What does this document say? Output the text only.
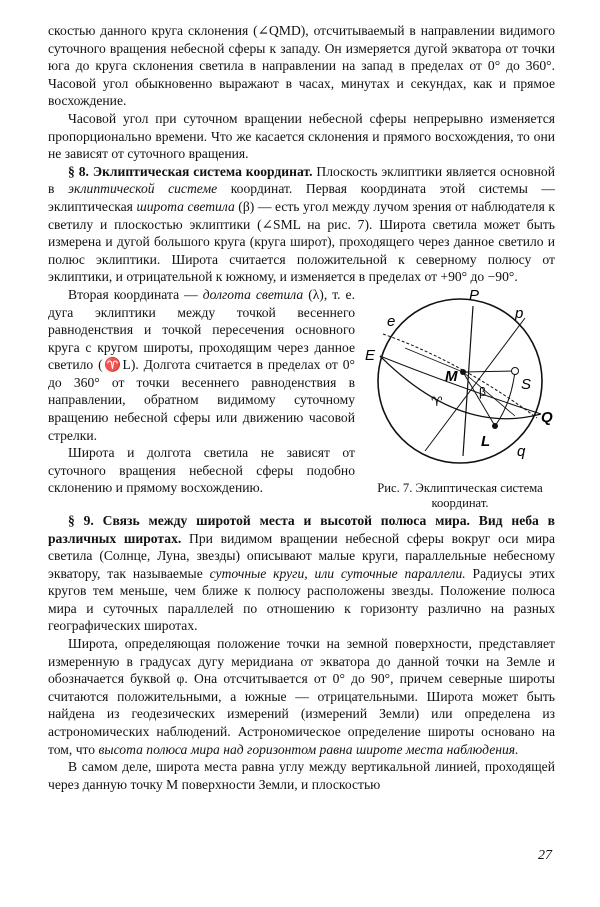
скостью данного круга склонения (∠QMD), отсчитываемый в направлении видимого суточного вращения небесной сферы к западу. Он измеряется дугой экватора от точки юга до круга склонения светила в направлении на запад в пределах от 0° до 360°. Часовой угол обыкновенно выражают в часах, минутах и секундах, как и прямое восхождение.

Часовой угол при суточном вращении небесной сферы непрерывно изменяется пропорционально времени. Что же касается склонения и прямого восхождения, то они не зависят от суточного вращения.

§ 8. Эклиптическая система координат. Плоскость эклиптики является основной в эклиптической системе координат. Первая координата этой системы — эклиптическая широта светила (β) — есть угол между лучом зрения от наблюдателя к светилу и плоскостью эклиптики (∠SML на рис. 7). Широта светила может быть измерена и дугой большого круга (круга широт), проходящего через данное светило и полюс эклиптики. Широта считается положительной к северному полюсу от эклиптики, и отрицательной к южному, и изменяется в пределах от +90° до −90°.

P
p
e
E
M	S
β
♈
Q
L
q
Рис. 7. Эклиптическая система координат.

Вторая координата — долгота светила (λ), т. е. дуга эклиптики между точкой весеннего равноденствия и точкой пересечения основного круга с кругом широты, проходящим через данное светило (♈L). Долгота считается в пределах от 0° до 360° от точки весеннего равноденствия в направлении, обратном видимому суточному вращению небесной сферы или движению часовой стрелки.

Широта и долгота светила не зависят от суточного вращения небесной сферы подобно склонению и прямому восхождению.

§ 9. Связь между широтой места и высотой полюса мира. Вид неба в различных широтах. При видимом вращении небесной сферы вокруг оси мира светила (Солнце, Луна, звезды) описывают малые круги, параллельные небесному экватору, так называемые суточные круги, или суточные параллели. Радиусы этих кругов тем меньше, чем ближе к полюсу расположены звезды. Положение полюса мира и суточных параллелей по отношению к горизонту различно на разных географических широтах.

Широта, определяющая положение точки на земной поверхности, представляет измеренную в градусах дугу меридиана от экватора до данной точки на Земле и обозначается буквой φ. Она отсчитывается от 0° до 90°, причем северные широты считаются положительными, а южные — отрицательными. Широта может быть найдена из геодезических измерений (измерений Земли) или определена из астрономических наблюдений. Астрономическое определение широты основано на том, что высота полюса мира над горизонтом равна широте места наблюдения.

В самом деле, широта места равна углу между вертикальной линией, проходящей через данную точку M поверхности Земли, и плоскостью

27
